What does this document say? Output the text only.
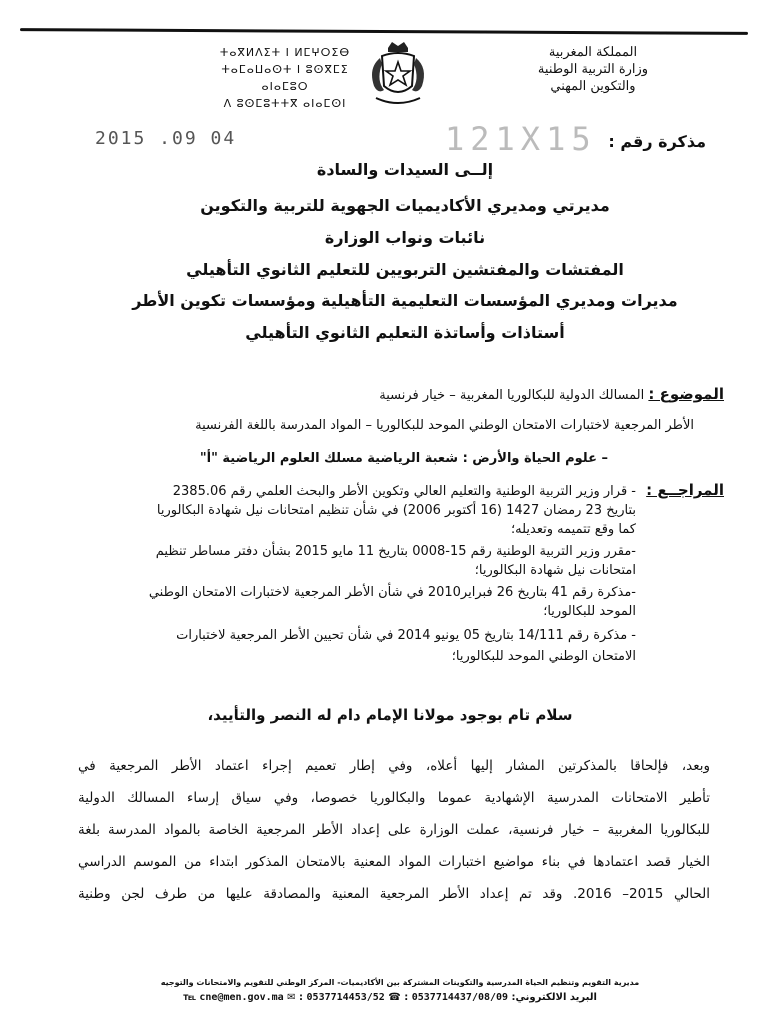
المملكة المغربية
وزارة التربية الوطنية
والتكوين المهني
ⵜⴰⴳⵍⴷⵉⵜ ⵏ ⵍⵎⵖⵔⵉⴱ
ⵜⴰⵎⴰⵡⴰⵙⵜ ⵏ ⵓⵙⴳⵎⵉ ⴰⵏⴰⵎⵓⵔ
ⴷ ⵓⵙⵎⵓⵜⵜⴳ ⴰⵏⴰⵎⵙⵏ
2015 .09 04	121X15 مذكرة رقم :
إلــى السيدات والسادة
مديرتي ومديري الأكاديميات الجهوية للتربية والتكوين
نائبات ونواب الوزارة
المفتشات والمفتشين التربويين للتعليم الثانوي التأهيلي
مديرات ومديري المؤسسات التعليمية التأهيلية ومؤسسات تكوين الأطر
أستاذات وأساتذة التعليم الثانوي التأهيلي
الموضوع : المسالك الدولية للبكالوريا المغربية – خيار فرنسية
الأطر المرجعية لاختبارات الامتحان الوطني الموحد للبكالوريا – المواد المدرسة باللغة الفرنسية
– علوم الحياة والأرض : شعبة الرياضية مسلك العلوم الرياضية "أ"
المراجــع :
- قرار وزير التربية الوطنية والتعليم العالي وتكوين الأطر والبحث العلمي رقم 2385.06
بتاريخ 23 رمضان 1427 (16 أكتوبر 2006) في شأن تنظيم امتحانات نيل شهادة البكالوريا
كما وقع تتميمه وتعديله؛
-مقرر وزير التربية الوطنية رقم 15-0008 بتاريخ 11 مايو 2015 بشأن دفتر مساطر تنظيم
امتحانات نيل شهادة البكالوريا؛
-مذكرة رقم 41 بتاريخ 26 فبراير2010 في شأن الأطر المرجعية لاختبارات الامتحان الوطني
الموحد للبكالوريا؛
- مذكرة رقم 14/111 بتاريخ 05 يونيو 2014 في شأن تحيين الأطر المرجعية لاختبارات
الامتحان الوطني الموحد للبكالوريا؛
سلام تام بوجود مولانا الإمام دام له النصر والتأييد،
وبعد، فإلحاقا بالمذكرتين المشار إليها أعلاه، وفي إطار تعميم إجراء اعتماد الأطر المرجعية في
تأطير الامتحانات المدرسية الإشهادية عموما والبكالوريا خصوصا، وفي سياق إرساء المسالك الدولية
للبكالوريا المغربية – خيار فرنسية، عملت الوزارة على إعداد الأطر المرجعية الخاصة بالمواد المدرسة بلغة
الخيار قصد اعتمادها في بناء مواضيع اختبارات المواد المعنية بالامتحان المذكور ابتداء من الموسم الدراسي
الحالي 2015– 2016. وقد تم إعداد الأطر المرجعية المعنية والمصادقة عليها من طرف لجن وطنية
مديرية التقويم وتنظيم الحياة المدرسية والتكوينات المشتركة بين الأكاديميات- المركز الوطني للتقويم والامتحانات والتوجيه
البريد الالكتروني: cne@men.gov.ma ✉ : 0537714453/52 ☎ : 0537714437/08/09 ℡
